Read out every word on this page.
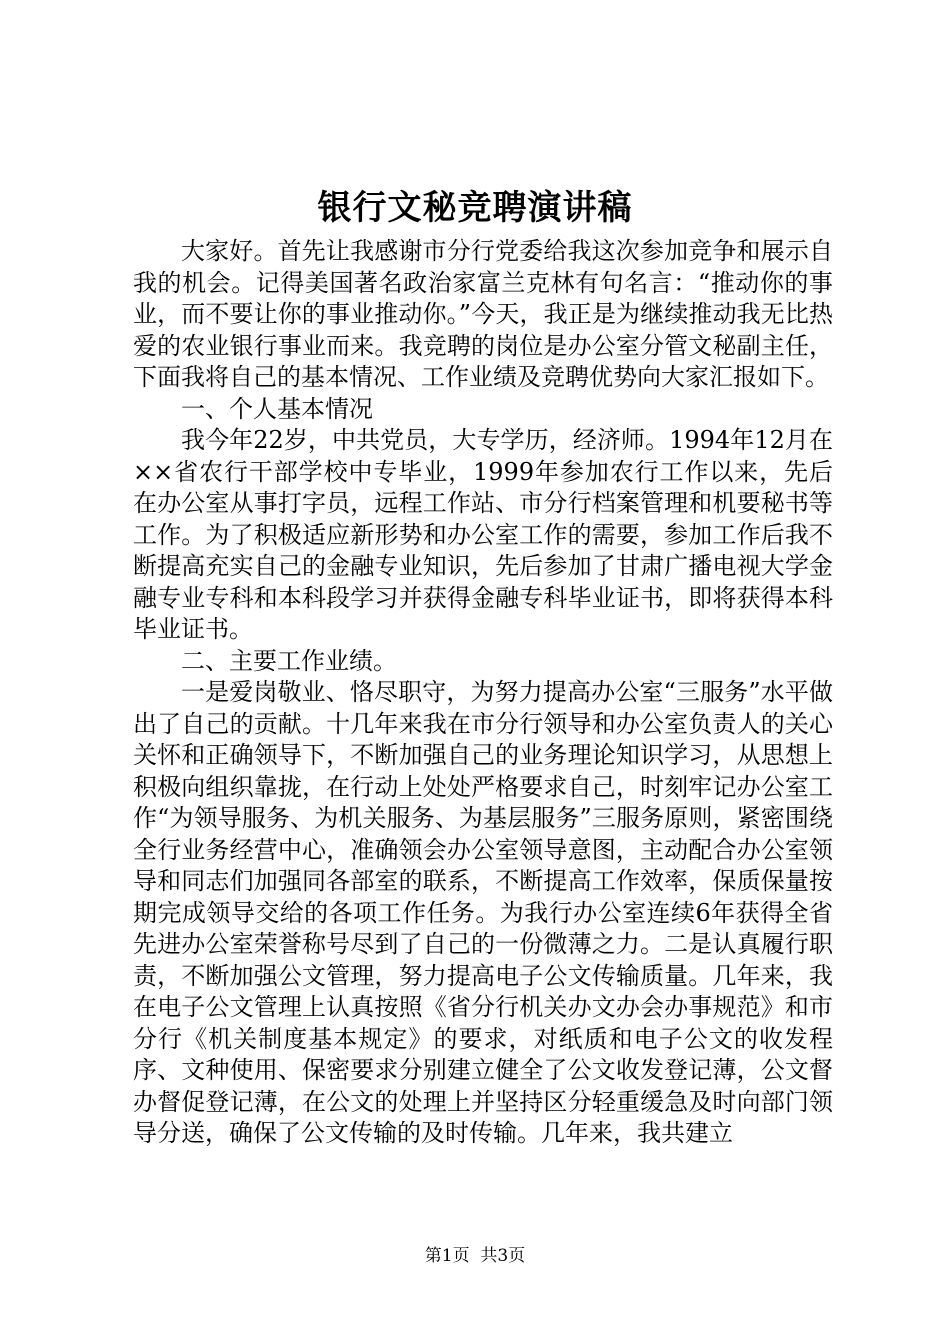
银行文秘竞聘演讲稿

大家好。首先让我感谢市分行党委给我这次参加竞争和展示自我的机会。记得美国著名政治家富兰克林有句名言：“推动你的事业，而不要让你的事业推动你。”今天，我正是为继续推动我无比热爱的农业银行事业而来。我竞聘的岗位是办公室分管文秘副主任，下面我将自己的基本情况、工作业绩及竞聘优势向大家汇报如下。

一、个人基本情况

我今年22岁，中共党员，大专学历，经济师。1994年12月在××省农行干部学校中专毕业，1999年参加农行工作以来，先后在办公室从事打字员，远程工作站、市分行档案管理和机要秘书等工作。为了积极适应新形势和办公室工作的需要，参加工作后我不断提高充实自己的金融专业知识，先后参加了甘肃广播电视大学金融专业专科和本科段学习并获得金融专科毕业证书，即将获得本科毕业证书。

二、主要工作业绩。

一是爱岗敬业、恪尽职守，为努力提高办公室“三服务”水平做出了自己的贡献。十几年来我在市分行领导和办公室负责人的关心关怀和正确领导下，不断加强自己的业务理论知识学习，从思想上积极向组织靠拢，在行动上处处严格要求自己，时刻牢记办公室工作“为领导服务、为机关服务、为基层服务”三服务原则，紧密围绕全行业务经营中心，准确领会办公室领导意图，主动配合办公室领导和同志们加强同各部室的联系，不断提高工作效率，保质保量按期完成领导交给的各项工作任务。为我行办公室连续6年获得全省先进办公室荣誉称号尽到了自己的一份微薄之力。二是认真履行职责，不断加强公文管理，努力提高电子公文传输质量。几年来，我在电子公文管理上认真按照《省分行机关办文办会办事规范》和市分行《机关制度基本规定》的要求，对纸质和电子公文的收发程序、文种使用、保密要求分别建立健全了公文收发登记薄，公文督办督促登记薄，在公文的处理上并坚持区分轻重缓急及时向部门领导分送，确保了公文传输的及时传输。几年来，我共建立

第1页  共3页
